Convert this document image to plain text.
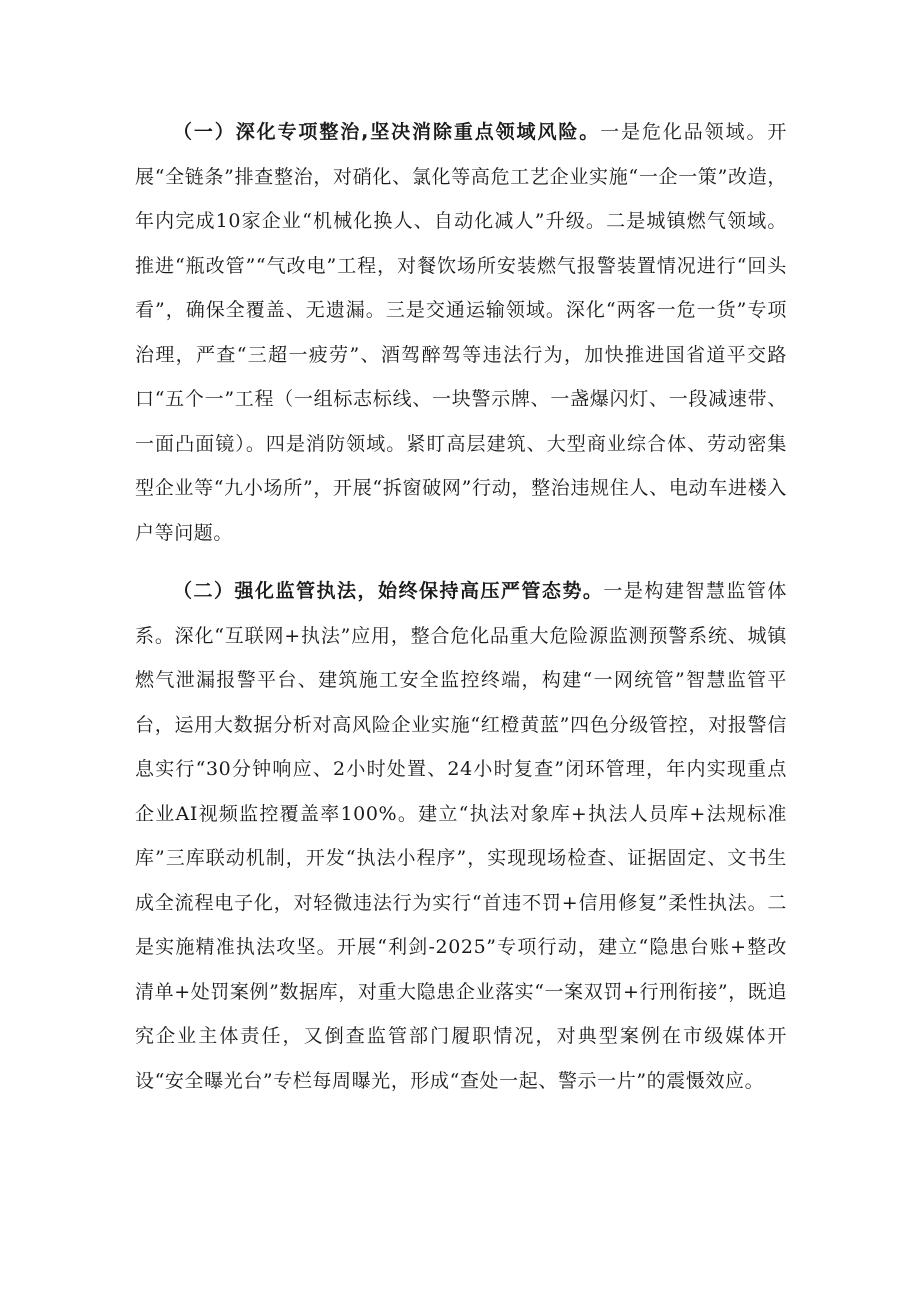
（一）深化专项整治,坚决消除重点领域风险。一是危化品领域。开展“全链条”排查整治，对硝化、氯化等高危工艺企业实施“一企一策”改造，年内完成10家企业“机械化换人、自动化减人”升级。二是城镇燃气领域。推进“瓶改管”“气改电”工程，对餐饮场所安装燃气报警装置情况进行“回头看”，确保全覆盖、无遗漏。三是交通运输领域。深化“两客一危一货”专项治理，严查“三超一疲劳”、酒驾醉驾等违法行为，加快推进国省道平交路口“五个一”工程（一组标志标线、一块警示牌、一盏爆闪灯、一段减速带、一面凸面镜）。四是消防领域。紧盯高层建筑、大型商业综合体、劳动密集型企业等“九小场所”，开展“拆窗破网”行动，整治违规住人、电动车进楼入户等问题。

（二）强化监管执法，始终保持高压严管态势。一是构建智慧监管体系。深化“互联网+执法”应用，整合危化品重大危险源监测预警系统、城镇燃气泄漏报警平台、建筑施工安全监控终端，构建“一网统管”智慧监管平台，运用大数据分析对高风险企业实施“红橙黄蓝”四色分级管控，对报警信息实行“30分钟响应、2小时处置、24小时复查”闭环管理，年内实现重点企业AI视频监控覆盖率100%。建立“执法对象库+执法人员库+法规标准库”三库联动机制，开发“执法小程序”，实现现场检查、证据固定、文书生成全流程电子化，对轻微违法行为实行“首违不罚+信用修复”柔性执法。二是实施精准执法攻坚。开展“利剑-2025”专项行动，建立“隐患台账+整改清单+处罚案例”数据库，对重大隐患企业落实“一案双罚+行刑衔接”，既追究企业主体责任，又倒查监管部门履职情况，对典型案例在市级媒体开设“安全曝光台”专栏每周曝光，形成“查处一起、警示一片”的震慑效应。
